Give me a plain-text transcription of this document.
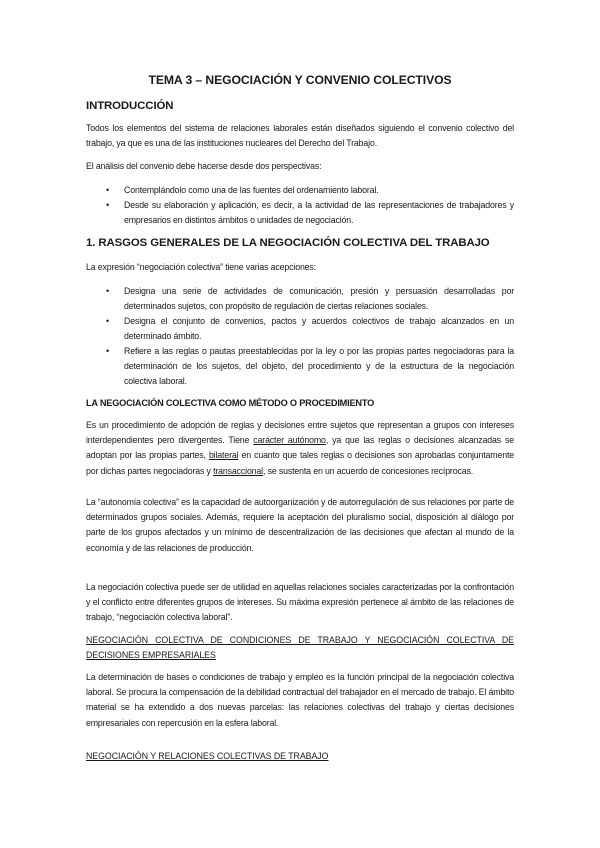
TEMA 3 – NEGOCIACIÓN Y CONVENIO COLECTIVOS
INTRODUCCIÓN
Todos los elementos del sistema de relaciones laborales están diseñados siguiendo el convenio colectivo del trabajo, ya que es una de las instituciones nucleares del Derecho del Trabajo.
El análisis del convenio debe hacerse desde dos perspectivas:
• Contemplándolo como una de las fuentes del ordenamiento laboral.
• Desde su elaboración y aplicación, es decir, a la actividad de las representaciones de trabajadores y empresarios en distintos ámbitos o unidades de negociación.
1. RASGOS GENERALES DE LA NEGOCIACIÓN COLECTIVA DEL TRABAJO
La expresión “negociación colectiva” tiene varias acepciones:
• Designa una serie de actividades de comunicación, presión y persuasión desarrolladas por determinados sujetos, con propósito de regulación de ciertas relaciones sociales.
• Designa el conjunto de convenios, pactos y acuerdos colectivos de trabajo alcanzados en un determinado ámbito.
• Refiere a las reglas o pautas preestablecidas por la ley o por las propias partes negociadoras para la determinación de los sujetos, del objeto, del procedimiento y de la estructura de la negociación colectiva laboral.
LA NEGOCIACIÓN COLECTIVA COMO MÉTODO O PROCEDIMIENTO
Es un procedimiento de adopción de reglas y decisiones entre sujetos que representan a grupos con intereses interdependientes pero divergentes. Tiene carácter autónomo, ya que las reglas o decisiones alcanzadas se adoptan por las propias partes, bilateral en cuanto que tales reglas o decisiones son aprobadas conjuntamente por dichas partes negociadoras y transaccional, se sustenta en un acuerdo de concesiones recíprocas.
La “autonomía colectiva” es la capacidad de autoorganización y de autorregulación de sus relaciones por parte de determinados grupos sociales. Además, requiere la aceptación del pluralismo social, disposición al diálogo por parte de los grupos afectados y un mínimo de descentralización de las decisiones que afectan al mundo de la economía y de las relaciones de producción.
La negociación colectiva puede ser de utilidad en aquellas relaciones sociales caracterizadas por la confrontación y el conflicto entre diferentes grupos de intereses. Su máxima expresión pertenece al ámbito de las relaciones de trabajo, “negociación colectiva laboral”.
NEGOCIACIÓN COLECTIVA DE CONDICIONES DE TRABAJO Y NEGOCIACIÓN COLECTIVA DE DECISIONES EMPRESARIALES
La determinación de bases o condiciones de trabajo y empleo es la función principal de la negociación colectiva laboral. Se procura la compensación de la debilidad contractual del trabajador en el mercado de trabajo. El ámbito material se ha extendido a dos nuevas parcelas: las relaciones colectivas del trabajo y ciertas decisiones empresariales con repercusión en la esfera laboral.
NEGOCIACIÓN Y RELACIONES COLECTIVAS DE TRABAJO
